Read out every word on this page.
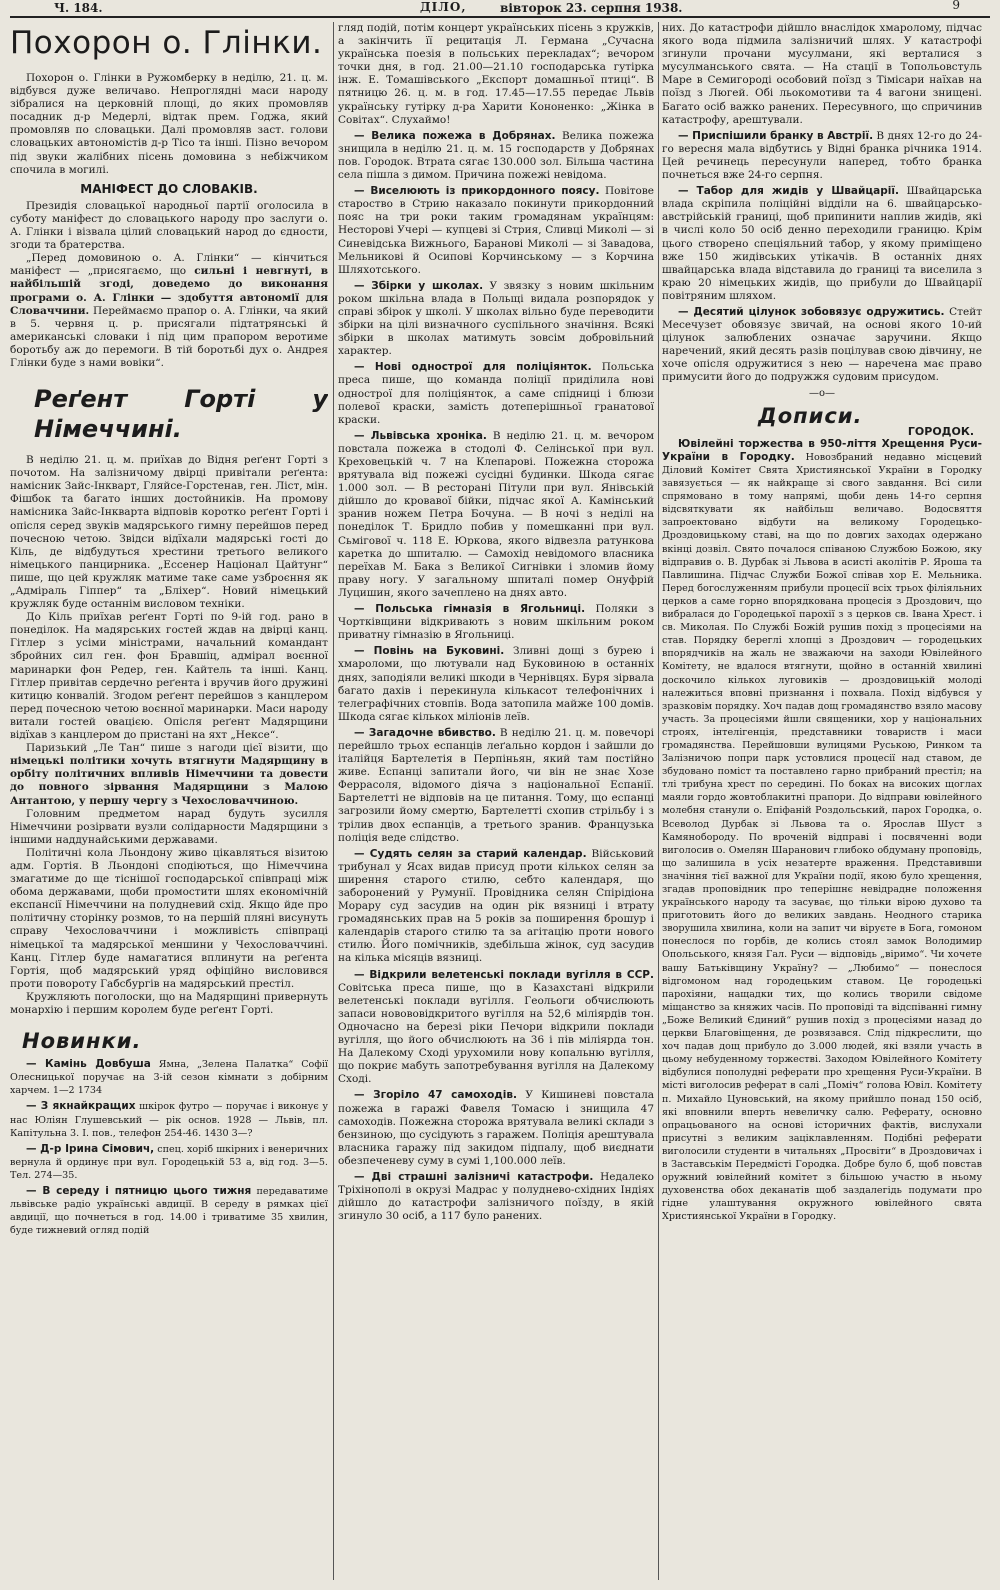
Ч. 184.	ДІЛО,	вівторок 23. серпня 1938.	9
Похорон о. Глінки.

Похорон о. Глінки в Ружомберку в неділю, 21. ц. м. відбувся дуже величаво. Непроглядні маси народу зібралися на церковній площі, до яких промовляв посадник д-р Медерлі, відтак прем. Годжа, який промовляв по словацьки. Далі промовляв заст. голови словацьких автономістів д-р Тісо та інші. Пізно вечором під звуки жалібних пісень домовина з небіжчиком спочила в могилі.

МАНІФЕСТ ДО СЛОВАКІВ.

Президія словацької народньої партії оголосила в суботу маніфест до словацького народу про заслуги о. А. Глінки і візвала цілий словацький народ до єдности, згоди та братерства.

„Перед домовиною о. А. Глінки“ — кінчиться маніфест — „присягаємо, що сильні і невгнуті, в найбільшій згоді, доведемо до виконання програми о. А. Глінки — здобуття автономії для Словаччини. Переймаємо прапор о. А. Глінки, ча який в 5. червня ц. р. присягали підтатрянські й американські словаки і під цим прапором веротиме боротьбу аж до перемоги. В тій боротьбі дух о. Андрея Глінки буде з нами вовіки“.

Реґент Горті у Німеччині.

В неділю 21. ц. м. приїхав до Відня реґент Горті з почотом. На залізничому двірці привітали реґента: намісник Зайс-Інкварт, Гляйсе-Горстенав, ген. Ліст, мін. Фішбок та багато інших достойників. На промову намісника Зайс-Інкварта відповів коротко реґент Горті і опісля серед звуків мадярського гимну перейшов перед почесною четою. Звідси відїхали мадярські гості до Кіль, де відбудуться хрестини третього великого німецького панцирника. „Ессенер Націонал Цайтунг“ пише, що цей кружляк матиме таке саме узброєння як „Адміраль Гіппер“ та „Бліхер“. Новий німецький кружляк буде останнім висловом техніки.

До Кіль приїхав реґент Горті по 9-ій год. рано в понеділок. На мадярських гостей ждав на двірці канц. Гітлер з усіми міністрами, начальний командант збройних сил ген. фон Бравшіц, адмірал воєнної маринарки фон Редер, ген. Кайтель та інші. Канц. Гітлер привітав сердечно реґента і вручив його дружині китицю конвалій. Згодом реґент перейшов з канцлером перед почесною четою воєнної маринарки. Маси народу витали гостей овацією. Опісля реґент Мадярщини відїхав з канцлером до пристані на яхт „Нексе“.

Паризький „Ле Тан“ пише з нагоди цієї візити, що німецькі політики хочуть втягнути Мадярщину в орбіту політичних впливів Німеччини та довести до повного зірвання Мадярщини з Малою Антантою, у першу чергу з Чехословаччиною.

Головним предметом нарад будуть зусилля Німеччини розірвати вузли солідарности Мадярщини з іншими наддунайськими державами.

Політичні кола Льондону живо цікавляться візитою адм. Гортія. В Льондоні сподіються, що Німеччина змагатиме до ще тіснішої господарської співпраці між обома державами, щоби промостити шлях економічній експансії Німеччини на полудневий схід. Якщо йде про політичну сторінку розмов, то на першій пляні висунуть справу Чехословаччини і можливість співпраці німецької та мадярської меншини у Чехословаччині. Канц. Гітлер буде намагатися вплинути на реґента Гортія, щоб мадярський уряд офіційно висловився проти повороту Габсбургів на мадярський престіл.

Кружляють поголоски, що на Мадярщині привернуть монархію і першим королем буде реґент Горті.

Новинки.

— Камінь Довбуша Ямна, „Зелена Палатка“ Софії Олесницької поручає на 3-ій сезон кімнати з добірним харчем. 1—2 1734

— З якнайкращих шкірок футро — поручає і виконує у нас Юліян Глушевський — рік основ. 1928 — Львів, пл. Капітульна 3. І. пов., телефон 254-46. 1430 3—?

— Д-р Ірина Сімович, спец. хоріб шкірних і венеричних вернула й ординує при вул. Городецькій 53 а, від год. 3—5. Тел. 274—35.

— В середу і пятницю цього тижня передаватиме львівське радіо українські авдиції. В середу в рямках цієї авдиції, що почнеться в год. 14.00 і триватиме 35 хвилин, буде тижневий огляд подій

гляд подій, потім концерт українських пісень з кружків, а закінчить її рецитація Л. Германа „Сучасна українська поезія в польських перекладах“; вечором точки дня, в год. 21.00—21.10 господарська гутірка інж. Е. Томашівського „Експорт домашньої птиці“. В пятницю 26. ц. м. в год. 17.45—17.55 передає Львів українську гутірку д-ра Харити Кононенко: „Жінка в Совітах“. Слухаймо!

— Велика пожежа в Добрянах. Велика пожежа знищила в неділю 21. ц. м. 15 господарств у Добрянах пов. Городок. Втрата сягає 130.000 зол. Більша частина села пішла з димом. Причина пожежі невідома.

— Виселюють із прикордонного поясу. Повітове староство в Стрию наказало покинути прикордонний пояс на три роки таким громадянам українцям: Несторові Учері — купцеві зі Стрия, Сливці Миколі — зі Синевідська Вижнього, Барановi Миколі — зі Завадова, Мельникові й Осипові Корчинському — з Корчина Шляхотського.

— Збірки у школах. У звязку з новим шкільним роком шкільна влада в Польщі видала розпорядок у справі збірок у школі. У школах вільно буде переводити збірки на цілі визначного суспільного значіння. Всякі збірки в школах матимуть зовсім добровільний характер.

— Нові однострої для поліціянток. Польська преса пише, що команда поліції придiлила нові однострої для поліціянток, а саме спідниці і блюзи полевої краски, замість дотеперішньої гранатової краски.

— Львівська хроніка. В неділю 21. ц. м. вечором повстала пожежа в стодолі Ф. Селінської при вул. Креховецькій ч. 7 на Клепарові. Пожежна сторожа врятувала від пожежі сусідні будинки. Шкода сягає 1.000 зол. — В ресторані Пітули при вул. Янівській дійшло до кровавої бійки, підчас якої А. Камінський зранив ножем Петра Бочуна. — В ночі з неділі на понеділок Т. Бридло побив у помешканні при вул. Сьмігової ч. 118 Е. Юркова, якого відвезла ратункова каретка до шпиталю. — Самохід невідомого власника переїхав М. Бака з Великої Сигнівки і зломив йому праву ногу. У загальному шпиталі помер Онуфрій Луцишин, якого зачеплено на днях авто.

— Польська гімназія в Ягольниці. Поляки з Чортківщини відкривають з новим шкільним роком приватну гімназію в Ягольниці.

— Повінь на Буковині. Зливні дощі з бурею і хмароломи, що лютували над Буковиною в останніх днях, заподіяли великі шкоди в Чернівцях. Буря зірвала багато дахів і перекинула кількасот телефонічних і телеграфічних стовпів. Вода затопила майже 100 домів. Шкода сягає кількох міліонів леїв.

— Загадочне вбивство. В неділю 21. ц. м. повечорі перейшло трьох еспанців леґально кордон і зайшли до італійця Бартелетія в Перпіньян, який там постійно живе. Еспанці запитали його, чи він не знає Хозе Феррасоля, відомого діяча з національної Еспанії. Бартелетті не відповів на це питання. Тому, що еспанці загрозили йому смертю, Бартелетті схопив стрільбу і з трілив двох еспанців, а третього зранив. Французька поліція веде слідство.

— Судять селян за старий календар. Військовий трибунал у Ясах видав присуд проти кількох селян за ширення старого стилю, себто календаря, що заборонений у Румунії. Провідника селян Спірідіона Морару суд засудив на один рік вязниці і втрату громадянських прав на 5 років за поширення брошур і календарів старого стилю та за агітацію проти нового стилю. Його помічників, здебільша жінок, суд засудив на кілька місяців вязниці.

— Відкрили велетенські поклади вугілля в ССР. Совітська преса пише, що в Казахстані відкрили велетенські поклади вугілля. Геольоги обчислюють запаси новововідкритого вугілля на 52,6 міліярдів тон. Одночасно на березі ріки Печори відкрили поклади вугілля, що його обчислюють на 36 і пів міліярда тон. На Далекому Сході урухомили нову копальню вугілля, що покриє мабуть запотребування вугілля на Далекому Сході.

— Згоріло 47 самоходів. У Кишиневі повстала пожежа в гаражі Фавеля Томасю і знищила 47 самоходів. Пожежна сторожа врятувала великі склади з бензиною, що сусідують з гаражем. Поліція арештувала власника гаражу під закидом підпалу, щоб виєднати обезпеченеву суму в сумі 1,100.000 леїв.

— Дві страшні залізничі катастрофи. Недалеко Тріхінополі в окрузі Мадрас у полудневo-східних Індіях дійшло до катастрофи залізничого поїзду, в якій згинуло 30 осіб, а 117 було ранених.

них. До катастрофи дійшло внаслідок хмароломy, підчас якого вода підмила залізничий шлях. У катастрофі згинули прочани мусулмани, які верталися з мусулманського свята. — На стації в Топольовстуль Маре в Семигороді особовий поїзд з Тімісари наїхав на поїзд з Люгей. Обі льокомотиви та 4 вагони знищені. Багато осіб важко ранених. Пересувного, що спричинив катастрофу, арештували.

— Приспішили бранку в Австрії. В днях 12-го до 24-го вересня мала відбутись у Відні бранка річника 1914. Цей речинець пересунули наперед, тобто бранка почнеться вже 24-го серпня.

— Табор для жидів у Швайцарії. Швайцарська влада скріпила поліційні відділи на 6. швайцарсько-австрійській границі, щоб припинити наплив жидів, які в числі коло 50 осіб денно переходили границю. Крім цього створено спеціяльний табор, у якому приміщено вже 150 жидівських утікачів. В останніх днях швайцарська влада відставила до границі та виселила з краю 20 німецьких жидів, що прибули до Швайцарії повітряним шляхом.

— Десятий цілунок зобовязує одружитись. Стейт Месечузет обовязує звичай, на основі якого 10-ий цілунок залюблених означає заручини. Якщо наречений, який десять разів поцілував свою дівчину, не хоче опісля одружитися з нею — наречена має право примусити його до подружжя судовим присудом.

—о—
Дописи.
ГОРОДОК.

Ювілейні торжества в 950-ліття Хрещення Руси-України в Городку. Новозбраний недавно місцевий Діловий Комітет Свята Християнської України в Городку завязується — як найкраще зі свого завдання. Всі сили спрямовано в тому напрямі, щоби день 14-го серпня відсвяткувати як найбільш величаво. Водосвяття запроектовано відбути на великому Городецько-Дроздовицькому ставі, на що по довгих заходах одержано вкінці дозвіл. Свято почалося співаною Службою Божою, яку відправив о. В. Дурбак зі Львова в асисті аколітів Р. Яроша та Павлишина. Підчас Служби Божої співав хор Е. Мельника. Перед богослуженням прибули процесії всіх трьох філіяльних церков а саме горно впорядкована процесія з Дроздович, що вибралася до Городецької парохії з з церков св. Івана Хрест. і св. Миколая. По Службі Божій рушив похід з процесіями на став. Порядку береглі хлопці з Дроздович — городецьких впорядчиків на жаль не зважаючи на заходи Ювілейного Комітету, не вдалося втягнути, щойно в останній хвилині доскочило кількох луговиків — дроздовицькій молоді належиться вповні признання і похвала. Похід відбувся у зразковім порядку. Хоч падав дощ громадянство взяло масову участь. За процесіями йшли священики, хор у національних строях, інтелігенція, представники товариств і маси громадянства. Перейшовши вулицями Руською, Ринком та Залізничою попри парк устовлися процесії над ставом, де збудовано поміст та поставлено гарно прибраний престіл; на тлі трибуна хрест по середині. По боках на високих щоглах маяли гордо жовтоблакитні прапори. До відправи ювілейного молебня станули о. Епіфаній Роздольський, парох Городка, о. Всеволод Дурбак зі Львова та о. Ярослав Шуст з Камянобороду. По вроченій відправі і посвяченні води виголосив о. Омелян Шаранович глибоко обдуману проповідь, що залишила в усіх незатерте враження. Представивши значіння тієї важної для України події, якою було хрещення, згадав проповідник про теперішнє невідрадне положення українського народу та засуває, що тільки вірою духово та приготовить його до великих завдань. Неодного старика зворушила хвилина, коли на запит чи віруєте в Бога, гомоном понеслося по горбів, де колись стоял замок Володимир Опольського, князя Гал. Руси — відповідь „віримо“. Чи хочете вашу Батьківщину Україну? — „Любимо“ — понеслося відгомоном над городецьким ставом. Це городецькі парохіяни, нащадки тих, що колись творили свідоме міщанство за княжих часів. По проповіді та відспіванні гимну „Боже Великий Єдиний“ рушив похід з процесіями назад до церкви Благовіщення, де розвязався. Слід підкреслити, що хоч падав дощ прибуло до 3.000 людей, які взяли участь в цьому небуденному торжестві. Заходом Ювілейного Комітету відбулися пополудні реферати про хрещення Руси-України. В місті виголосив реферат в салі „Поміч“ голова Ювіл. Комітету п. Михайло Цуновський, на якому прийшло понад 150 осіб, які вповнили вперть невеличку салю. Реферату, основно опрацьованого на основі історичних фактів, вислухали присутні з великим заціклавленням. Подібні реферати виголосили студенти в читальнях „Просвіти“ в Дроздовичах і в Заставськім Передмісті Городка. Добре було б, щоб повстав оружний ювілейний комітет з більшою участю в ньому духовенства обох деканатів щоб заздалегідь подумати про гідне улаштування окружного ювілейного свята Християнської України в Городку.
